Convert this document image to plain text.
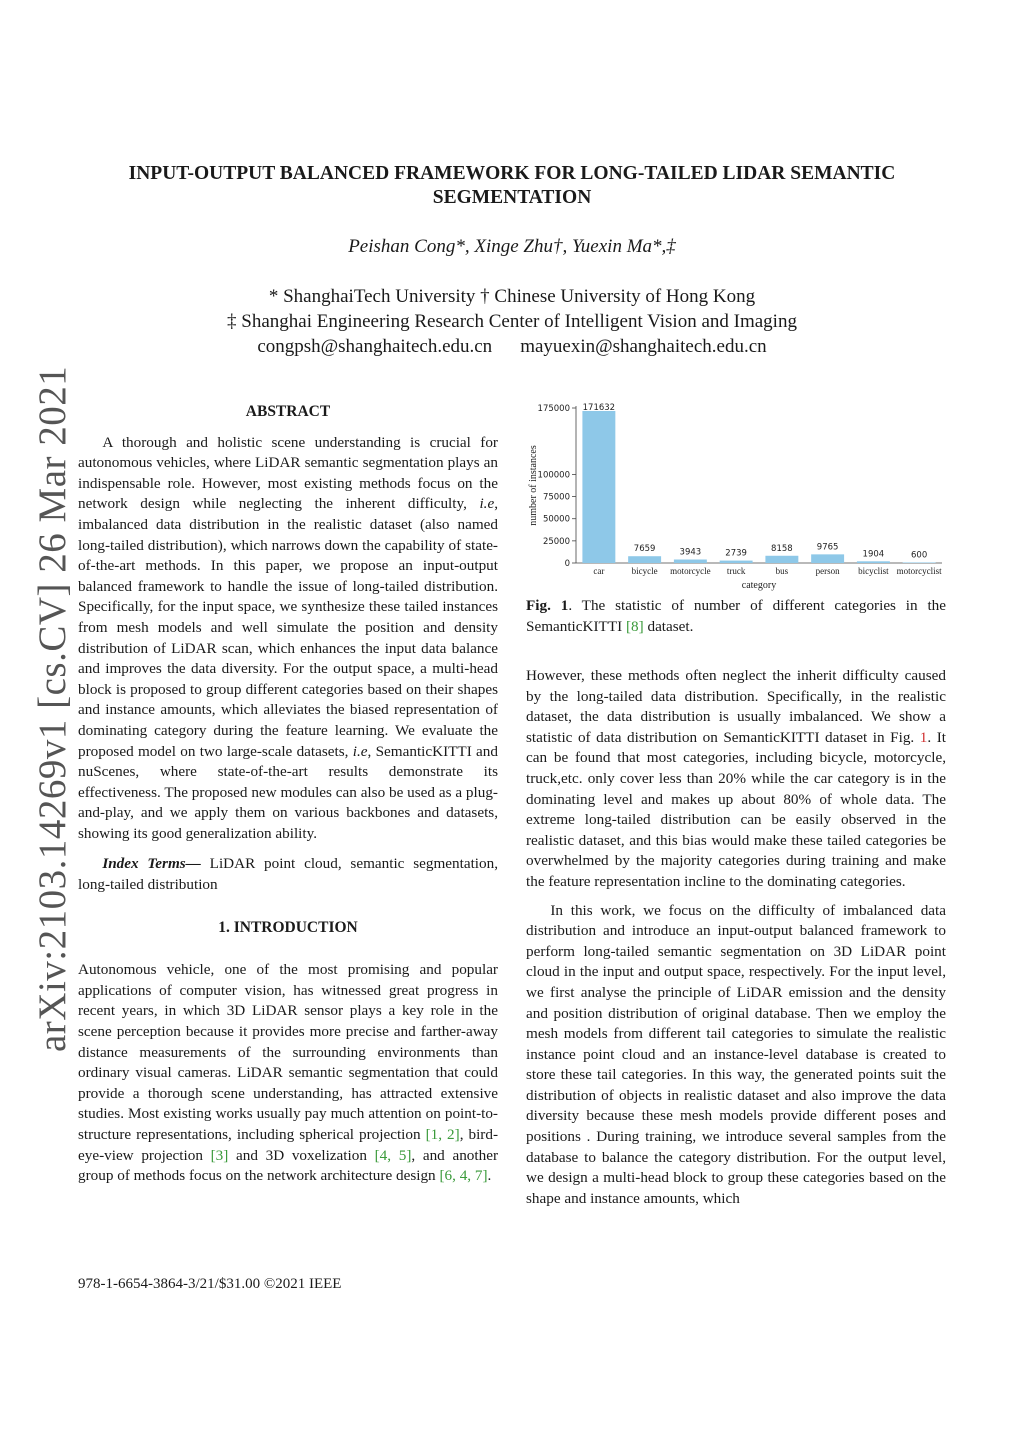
arXiv:2103.14269v1 [cs.CV] 26 Mar 2021
INPUT-OUTPUT BALANCED FRAMEWORK FOR LONG-TAILED LIDAR SEMANTIC SEGMENTATION
Peishan Cong*, Xinge Zhu†, Yuexin Ma*,‡
* ShanghaiTech University † Chinese University of Hong Kong
‡ Shanghai Engineering Research Center of Intelligent Vision and Imaging
congpsh@shanghaitech.edu.cn mayuexin@shanghaitech.edu.cn

ABSTRACT

A thorough and holistic scene understanding is crucial for autonomous vehicles, where LiDAR semantic segmentation plays an indispensable role. However, most existing methods focus on the network design while neglecting the inherent difficulty, i.e, imbalanced data distribution in the realistic dataset (also named long-tailed distribution), which narrows down the capability of state-of-the-art methods. In this paper, we propose an input-output balanced framework to handle the issue of long-tailed distribution. Specifically, for the input space, we synthesize these tailed instances from mesh models and well simulate the position and density distribution of LiDAR scan, which enhances the input data balance and improves the data diversity. For the output space, a multi-head block is proposed to group different categories based on their shapes and instance amounts, which alleviates the biased representation of dominating category during the feature learning. We evaluate the proposed model on two large-scale datasets, i.e, SemanticKITTI and nuScenes, where state-of-the-art results demonstrate its effectiveness. The proposed new modules can also be used as a plug-and-play, and we apply them on various backbones and datasets, showing its good generalization ability.

Index Terms— LiDAR point cloud, semantic segmentation, long-tailed distribution

1. INTRODUCTION

Autonomous vehicle, one of the most promising and popular applications of computer vision, has witnessed great progress in recent years, in which 3D LiDAR sensor plays a key role in the scene perception because it provides more precise and farther-away distance measurements of the surrounding environments than ordinary visual cameras. LiDAR semantic segmentation that could provide a thorough scene understanding, has attracted extensive studies. Most existing works usually pay much attention on point-to-structure representations, including spherical projection [1, 2], bird-eye-view projection [3] and 3D voxelization [4, 5], and another group of methods focus on the network architecture design [6, 4, 7].

0
25000
50000
75000
100000
175000 171632
car
7659
bicycle
3943
motorcycle
2739
truck
8158
bus
9765
person
1904
bicyclist
600
motorcyclist
category
number of instances
Fig. 1. The statistic of number of different categories in the SemanticKITTI [8] dataset.

However, these methods often neglect the inherit difficulty caused by the long-tailed data distribution. Specifically, in the realistic dataset, the data distribution is usually imbalanced. We show a statistic of data distribution on SemanticKITTI dataset in Fig. 1. It can be found that most categories, including bicycle, motorcycle, truck,etc. only cover less than 20% while the car category is in the dominating level and makes up about 80% of whole data. The extreme long-tailed distribution can be easily observed in the realistic dataset, and this bias would make these tailed categories be overwhelmed by the majority categories during training and make the feature representation incline to the dominating categories.

In this work, we focus on the difficulty of imbalanced data distribution and introduce an input-output balanced framework to perform long-tailed semantic segmentation on 3D LiDAR point cloud in the input and output space, respectively. For the input level, we first analyse the principle of LiDAR emission and the density and position distribution of original database. Then we employ the mesh models from different tail categories to simulate the realistic instance point cloud and an instance-level database is created to store these tail categories. In this way, the generated points suit the distribution of objects in realistic dataset and also improve the data diversity because these mesh models provide different poses and positions . During training, we introduce several samples from the database to balance the category distribution. For the output level, we design a multi-head block to group these categories based on the shape and instance amounts, which

978-1-6654-3864-3/21/$31.00 ©2021 IEEE
